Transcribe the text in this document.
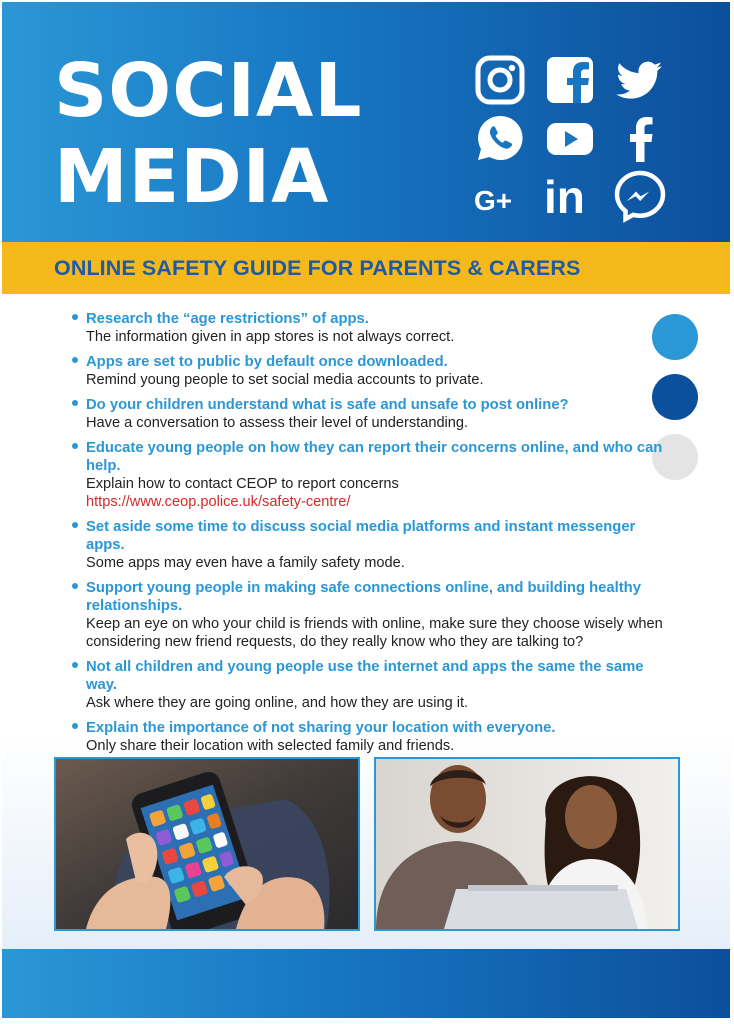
SOCIAL
MEDIA	G+ in
ONLINE SAFETY GUIDE FOR PARENTS & CARERS
Research the “age restrictions” of apps.
The information given in app stores is not always correct.
Apps are set to public by default once downloaded.
Remind young people to set social media accounts to private.
Do your children understand what is safe and unsafe to post online?
Have a conversation to assess their level of understanding.
Educate young people on how they can report their concerns online, and who can help.
Explain how to contact CEOP to report concerns
https://www.ceop.police.uk/safety-centre/
Set aside some time to discuss social media platforms and instant messenger apps.
Some apps may even have a family safety mode.
Support young people in making safe connections online, and building healthy relationships.
Keep an eye on who your child is friends with online, make sure they choose wisely when considering new friend requests, do they really know who they are talking to?
Not all children and young people use the internet and apps the same the same way.
Ask where they are going online, and how they are using it.
Explain the importance of not sharing your location with everyone.
Only share their location with selected family and friends.
